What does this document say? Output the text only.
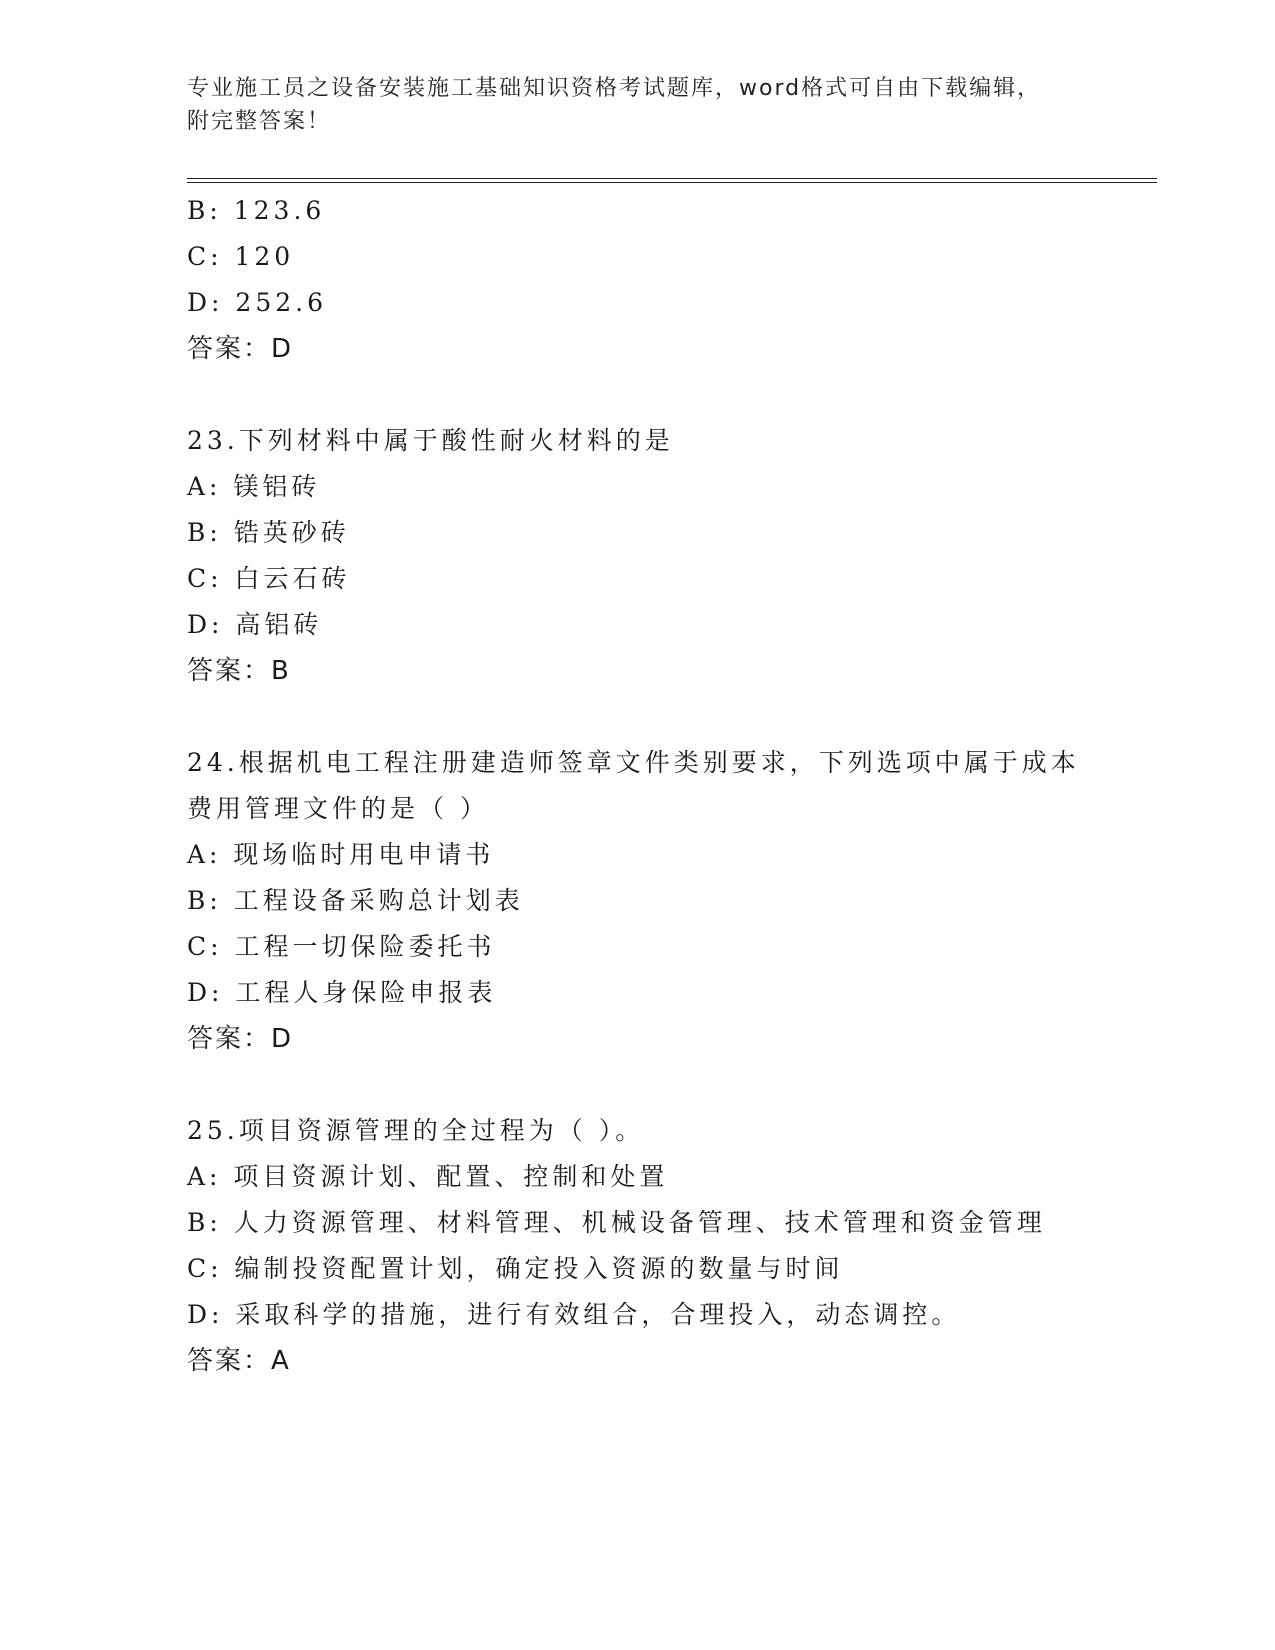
专业施工员之设备安装施工基础知识资格考试题库，word格式可自由下载编辑，
附完整答案！
B: 123.6
C: 120
D: 252.6
答案：D
23.下列材料中属于酸性耐火材料的是
A: 镁铝砖
B: 锆英砂砖
C: 白云石砖
D: 高铝砖
答案：B
24.根据机电工程注册建造师签章文件类别要求，下列选项中属于成本
费用管理文件的是（ ）
A: 现场临时用电申请书
B: 工程设备采购总计划表
C: 工程一切保险委托书
D: 工程人身保险申报表
答案：D
25.项目资源管理的全过程为（ ）。
A: 项目资源计划、配置、控制和处置
B: 人力资源管理、材料管理、机械设备管理、技术管理和资金管理
C: 编制投资配置计划，确定投入资源的数量与时间
D: 采取科学的措施，进行有效组合，合理投入，动态调控。
答案：A
